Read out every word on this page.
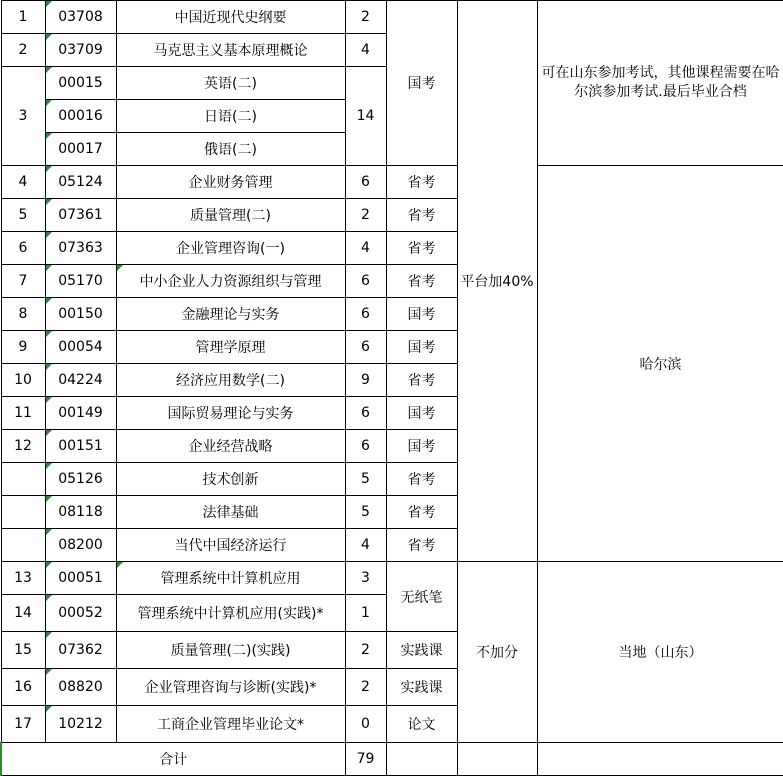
1	03708	中国近现代史纲要	2	国考	平台加40%	可在山东参加考试，其他课程需要在哈尔滨参加考试.最后毕业合档
2	03709	马克思主义基本原理概论	4			
3	00015	英语(二)	14			
	00016	日语(二)				
	00017	俄语(二)				
4	05124	企业财务管理	6	省考		哈尔滨
5	07361	质量管理(二)	2	省考		
6	07363	企业管理咨询(一)	4	省考		
7	05170	中小企业人力资源组织与管理	6	省考		
8	00150	金融理论与实务	6	国考		
9	00054	管理学原理	6	国考		
10	04224	经济应用数学(二)	9	省考		
11	00149	国际贸易理论与实务	6	国考		
12	00151	企业经营战略	6	国考		
	05126	技术创新	5	省考		
	08118	法律基础	5	省考		
	08200	当代中国经济运行	4	省考		
13	00051	管理系统中计算机应用	3	无纸笔	不加分	当地（山东）
14	00052	管理系统中计算机应用(实践)*	1			
15	07362	质量管理(二)(实践)	2	实践课		
16	08820	企业管理咨询与诊断(实践)*	2	实践课		
17	10212	工商企业管理毕业论文*	0	论文		
合计			79			
